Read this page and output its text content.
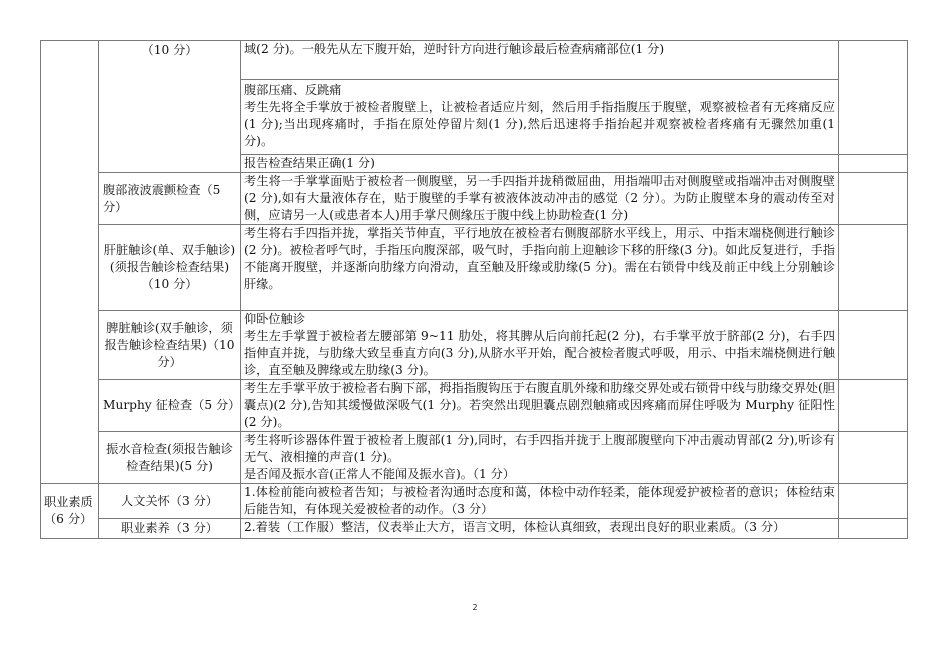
	（10 分）	域(2 分)。一般先从左下腹开始，逆时针方向进行触诊最后检查病痛部位(1 分)	

		腹部压痛、反跳痛
考生先将全手掌放于被检者腹壁上，让被检者适应片刻，然后用手指指腹压于腹壁，观察被检者有无疼痛反应(1 分);当出现疼痛时，手指在原处停留片刻(1 分),然后迅速将手指抬起并观察被检者疼痛有无骤然加重(1 分)。	

		报告检查结果正确(1 分)	
	腹部液波震颤检查（5 分）	考生将一手掌掌面贴于被检者一侧腹壁，另一手四指并拢稍微屈曲，用指端叩击对侧腹壁或指端冲击对侧腹壁(2 分),如有大量液体存在，贴于腹壁的手掌有被液体波动冲击的感觉（2 分）。为防止腹壁本身的震动传至对侧，应请另一人(或患者本人)用手掌尺侧缘压于腹中线上协助检查(1 分)	
	肝脏触诊(单、双手触诊)(须报告触诊检查结果)（10 分）	考生将右手四指并拢，掌指关节伸直，平行地放在被检者右侧腹部脐水平线上，用示、中指末端桡侧进行触诊(2 分)。被检者呼气时，手指压向腹深部，吸气时，手指向前上迎触诊下移的肝缘(3 分)。如此反复进行，手指不能离开腹壁，并逐渐向肋缘方向滑动，直至触及肝缘或肋缘(5 分)。需在右锁骨中线及前正中线上分别触诊肝缘。	
	脾脏触诊(双手触诊，须报告触诊检查结果)（10 分）	仰卧位触诊
考生左手掌置于被检者左腰部第 9~11 肋处，将其脾从后向前托起(2 分)，右手掌平放于脐部(2 分)，右手四指伸直并拢，与肋缘大致呈垂直方向(3 分),从脐水平开始，配合被检者腹式呼吸，用示、中指末端桡侧进行触诊，直至触及脾缘或左肋缘(3 分)。	

	Murphy 征检查（5 分）	考生左手掌平放于被检者右胸下部，拇指指腹钩压于右腹直肌外缘和肋缘交界处或右锁骨中线与肋缘交界处(胆囊点)(2 分),告知其缓慢做深吸气(1 分)。若突然出现胆囊点剧烈触痛或因疼痛而屏住呼吸为 Murphy 征阳性(2 分)。	
	振水音检查(须报告触诊检查结果)(5 分)	考生将听诊器体件置于被检者上腹部(1 分),同时，右手四指并拢于上腹部腹壁向下冲击震动胃部(2 分),听诊有无气、液相撞的声音(1 分)。
是否闻及振水音(正常人不能闻及振水音)。（1 分）	

职业素质（6 分）	人文关怀（3 分）	1.体检前能向被检者告知；与被检者沟通时态度和蔼，体检中动作轻柔，能体现爱护被检者的意识；体检结束后能告知，有体现关爱被检者的动作。（3 分）	
	职业素养（3 分）	2.着装（工作服）整洁，仪表举止大方，语言文明，体检认真细致，表现出良好的职业素质。（3 分）	
2
